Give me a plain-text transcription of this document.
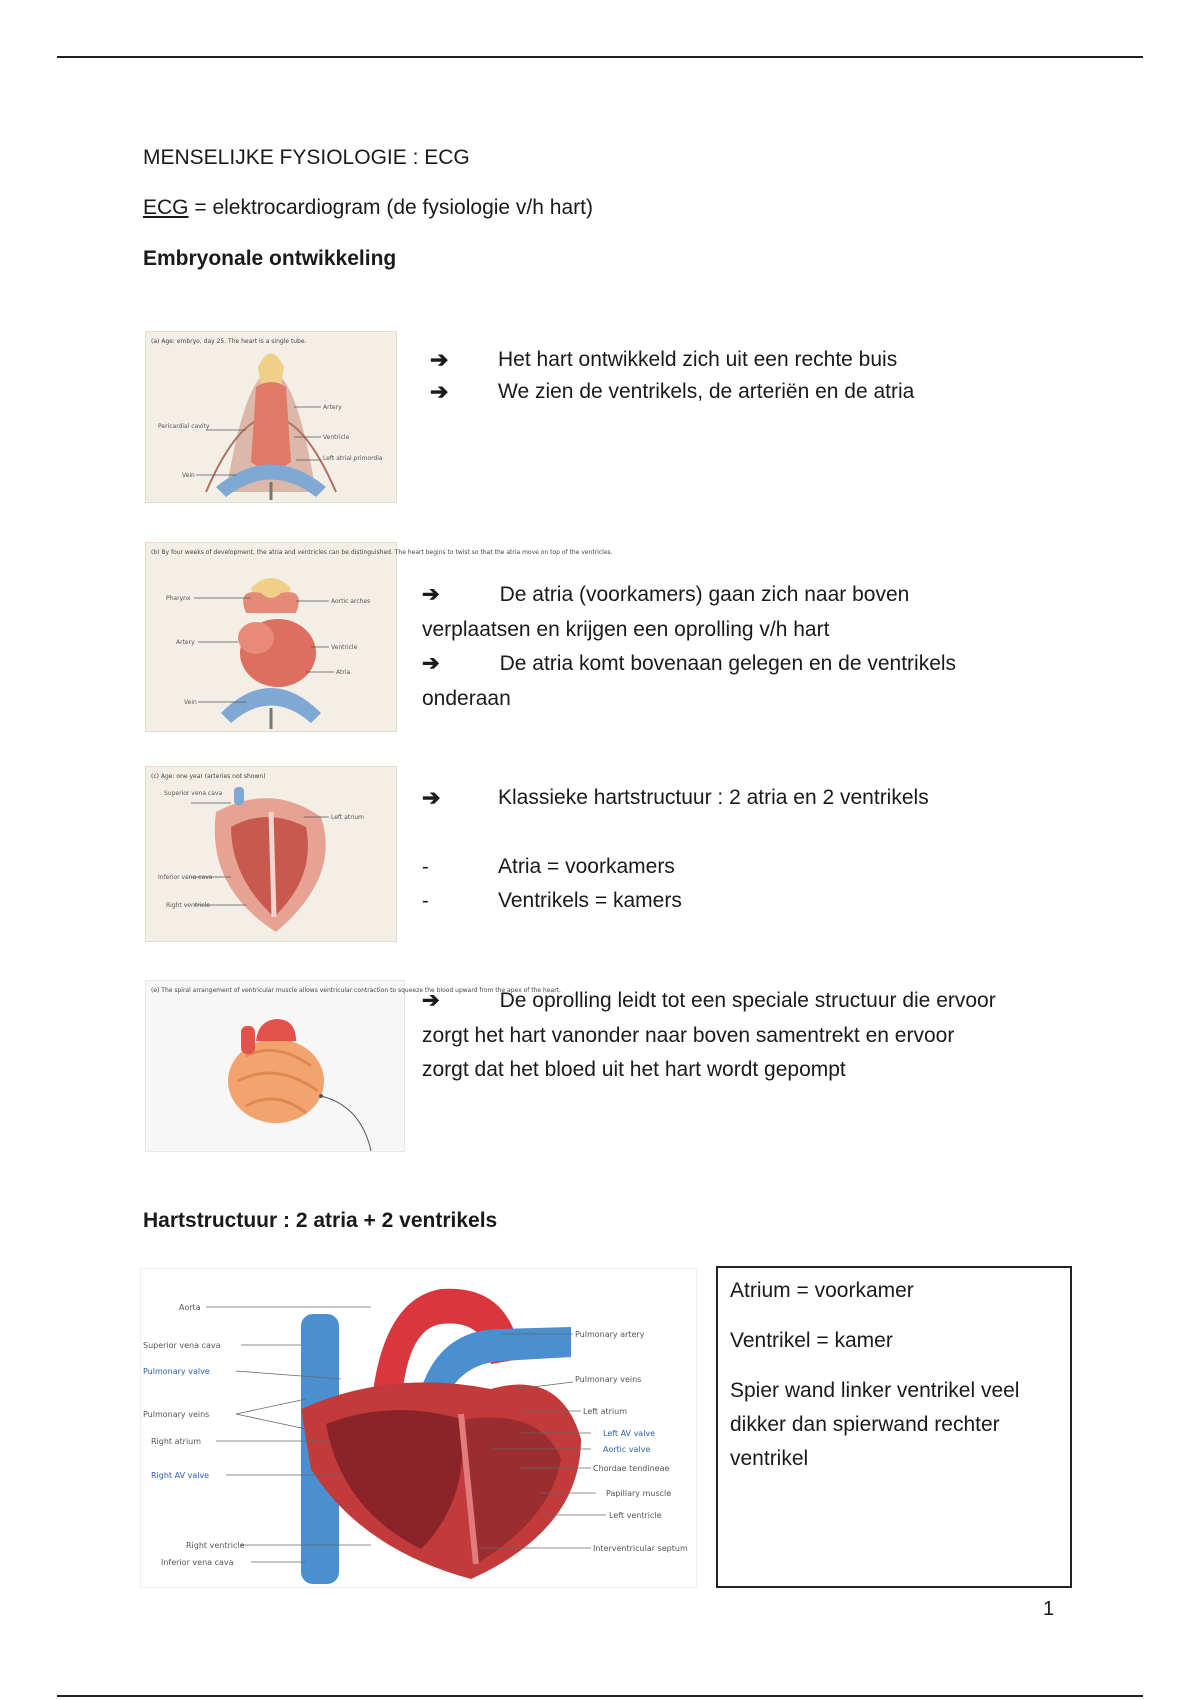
MENSELIJKE FYSIOLOGIE : ECG
ECG = elektrocardiogram (de fysiologie v/h hart)
Embryonale ontwikkeling
(a) Age: embryo, day 25. The heart is a single tube.
Artery
Ventricle
Left atrial primordia
Pericardial cavity
Vein
➔ Het hart ontwikkeld zich uit een rechte buis
➔ We zien de ventrikels, de arteriën en de atria
(b) By four weeks of development, the atria and ventricles can be distinguished. The heart begins to twist so that the atria move on top of the ventricles.
Pharynx	Aortic arches
Artery
Ventricle
Atria
Vein
➔	De atria (voorkamers) gaan zich naar boven
verplaatsen en krijgen een oprolling v/h hart
➔	De atria komt bovenaan gelegen en de ventrikels
onderaan
(c) Age: one year (arteries not shown)
Superior vena cava
Left atrium
Inferior vena cava
Right ventricle
➔	Klassieke hartstructuur : 2 atria en 2 ventrikels
-	Atria = voorkamers
-	Ventrikels = kamers
(e) The spiral arrangement of ventricular muscle allows ventricular contraction to squeeze the blood upward from the apex of the heart.
➔	De oprolling leidt tot een speciale structuur die ervoor
zorgt het hart vanonder naar boven samentrekt en ervoor
zorgt dat het bloed uit het hart wordt gepompt
Hartstructuur : 2 atria + 2 ventrikels
Aorta
Superior vena cava
Pulmonary valve
Pulmonary veins
Right atrium
Right AV valve
Right ventricle
Inferior vena cava
Pulmonary artery
Pulmonary veins
Left atrium
Left AV valve
Aortic valve
Chordae tendineae
Papillary muscle
Left ventricle
Interventricular septum

Atrium = voorkamer

Ventrikel = kamer

Spier wand linker ventrikel veel dikker dan spierwand rechter ventrikel

1
